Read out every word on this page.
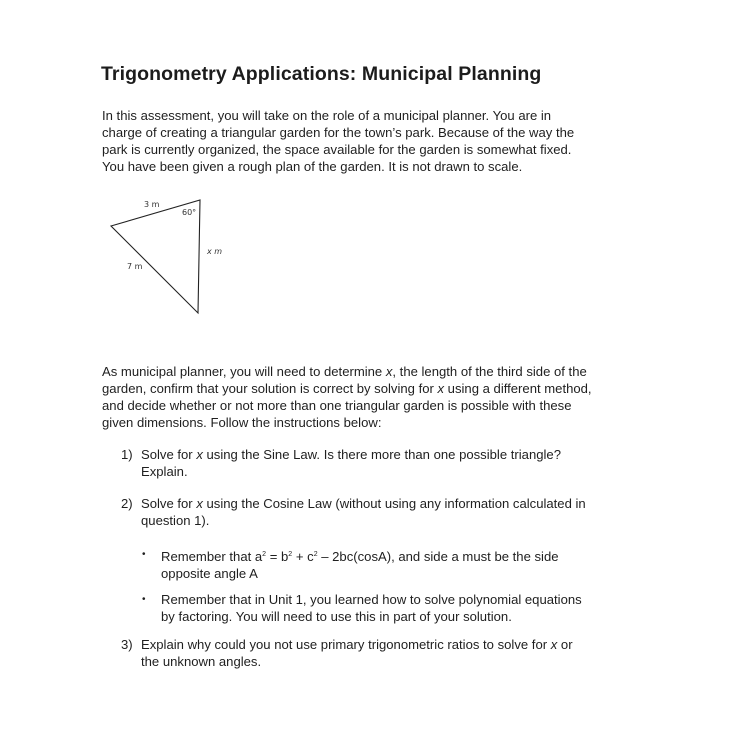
Trigonometry Applications: Municipal Planning

In this assessment, you will take on the role of a municipal planner. You are in
charge of creating a triangular garden for the town’s park. Because of the way the
park is currently organized, the space available for the garden is somewhat fixed.
You have been given a rough plan of the garden. It is not drawn to scale.

3 m
60°
x m
7 m

As municipal planner, you will need to determine x, the length of the third side of the
garden, confirm that your solution is correct by solving for x using a different method,
and decide whether or not more than one triangular garden is possible with these
given dimensions. Follow the instructions below:

1) Solve for x using the Sine Law. Is there more than one possible triangle?
Explain.
2) Solve for x using the Cosine Law (without using any information calculated in
question 1).
• Remember that $a^2 = b^2 + c^2 - 2bc(\cos A)$, and side a must be the side
opposite angle A
• Remember that in Unit 1, you learned how to solve polynomial equations
by factoring. You will need to use this in part of your solution.
3) Explain why could you not use primary trigonometric ratios to solve for x or
the unknown angles.
